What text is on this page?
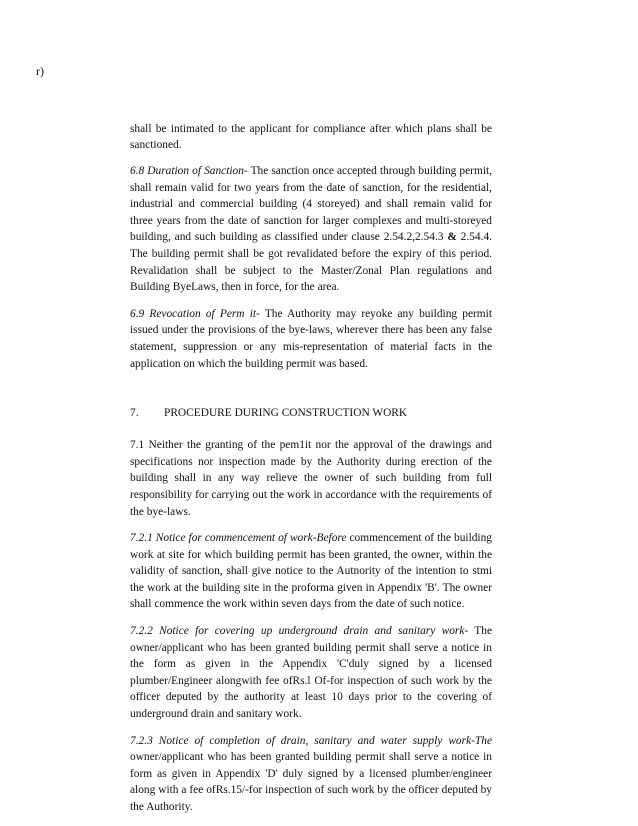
r)

shall be intimated to the applicant for compliance after which plans shall be sanctioned.

6.8 Duration of Sanction- The sanction once accepted through building permit, shall remain valid for two years from the date of sanction, for the residential, industrial and commercial building (4 storeyed) and shall remain valid for three years from the date of sanction for larger complexes and multi-storeyed building, and such building as classified under clause 2.54.2,2.54.3 & 2.54.4. The building permit shall be got revalidated before the expiry of this period. Revalidation shall be subject to the Master/Zonal Plan regulations and Building ByeLaws, then in force, for the area.

6.9 Revocation of Perm it- The Authority may reyoke any building permit issued under the provisions of the bye-laws, wherever there has been any false statement, suppression or any mis-representation of material facts in the application on which the building permit was based.

7.	PROCEDURE DURING CONSTRUCTION WORK

7.1 Neither the granting of the pem1it nor the approval of the drawings and specifications nor inspection made by the Authority during erection of the building shall in any way relieve the owner of such building from full responsibility for carrying out the work in accordance with the requirements of the bye-laws.

7.2.1 Notice for commencement of work-Before commencement of the building work at site for which building permit has been granted, the owner, within the validity of sanction, shall give notice to the Autnority of the intention to stmi the work at the building site in the proforma given in Appendix 'B'. The owner shall commence the work within seven days from the date of such notice.

7.2.2 Notice for covering up underground drain and sanitary work- The owner/applicant who has been granted building permit shall serve a notice in the form as given in the Appendix 'C'duly signed by a licensed plumber/Engineer alongwith fee ofRs.l Of-for inspection of such work by the officer deputed by the authority at least 10 days prior to the covering of underground drain and sanitary work.

7.2.3 Notice of completion of drain, sanitary and water supply work-The owner/applicant who has been granted building permit shall serve a notice in form as given in Appendix 'D' duly signed by a licensed plumber/engineer along with a fee ofRs.15/-for inspection of such work by the officer deputed by the Authority.
